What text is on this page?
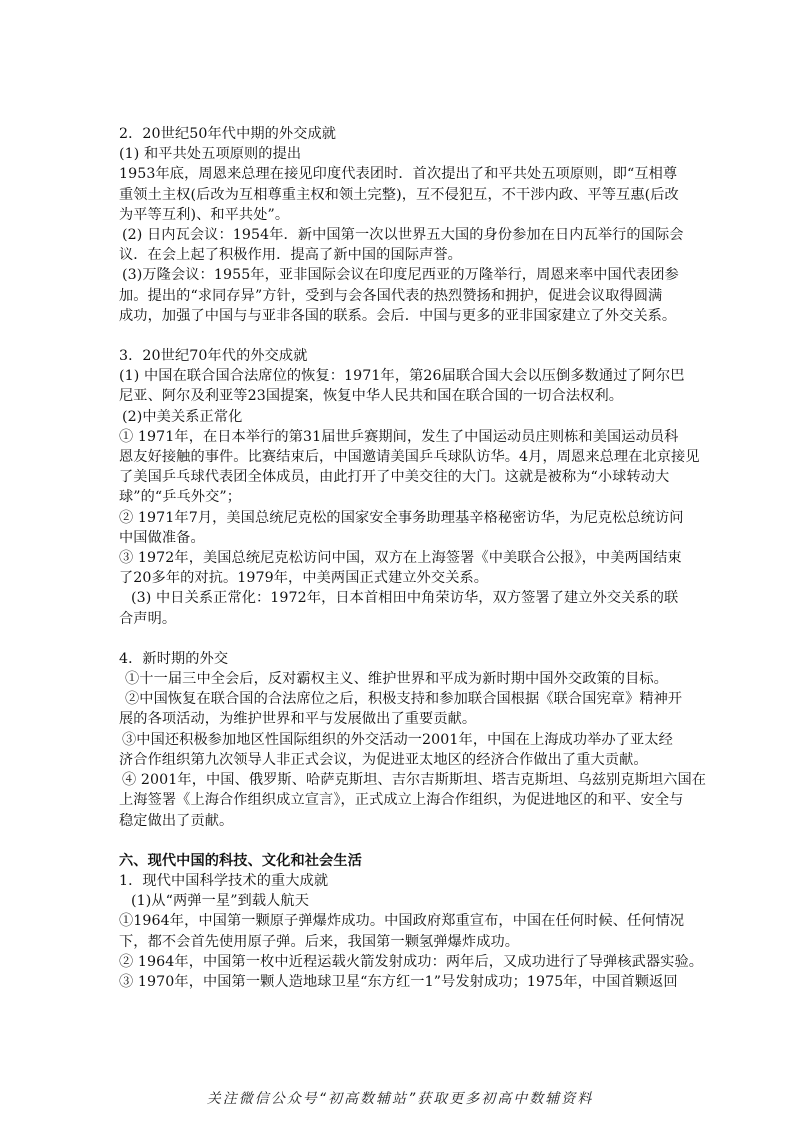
2．20世纪50年代中期的外交成就

(1) 和平共处五项原则的提出

1953年底，周恩来总理在接见印度代表团时．首次提出了和平共处五项原则，即“互相尊

重领土主权(后改为互相尊重主权和领土完整)，互不侵犯互，不干涉内政、平等互惠(后改

为平等互利)、和平共处”。

(2) 日内瓦会议：1954年．新中国第一次以世界五大国的身份参加在日内瓦举行的国际会

议．在会上起了积极作用．提高了新中国的国际声誉。

(3)万隆会议：1955年，亚非国际会议在印度尼西亚的万隆举行，周恩来率中国代表团参

加。提出的“求同存异”方针，受到与会各国代表的热烈赞扬和拥护，促进会议取得圆满

成功，加强了中国与与亚非各国的联系。会后．中国与更多的亚非国家建立了外交关系。

3．20世纪70年代的外交成就

(1) 中国在联合国合法席位的恢复：1971年，第26届联合国大会以压倒多数通过了阿尔巴

尼亚、阿尔及利亚等23国提案，恢复中华人民共和国在联合国的一切合法权利。

(2)中美关系正常化

① 1971年，在日本举行的第31届世乒赛期间，发生了中国运动员庄则栋和美国运动员科

恩友好接触的事件。比赛结束后，中国邀请美国乒乓球队访华。4月，周恩来总理在北京接见

了美国乒乓球代表团全体成员，由此打开了中美交往的大门。这就是被称为“小球转动大

球”的“乒乓外交”；

② 1971年7月，美国总统尼克松的国家安全事务助理基辛格秘密访华，为尼克松总统访问

中国做准备。

③ 1972年，美国总统尼克松访问中国，双方在上海签署《中美联合公报》，中美两国结束

了20多年的对抗。1979年，中美两国正式建立外交关系。

(3) 中日关系正常化：1972年，日本首相田中角荣访华，双方签署了建立外交关系的联

合声明。

4．新时期的外交

①十一届三中全会后，反对霸权主义、维护世界和平成为新时期中国外交政策的目标。

②中国恢复在联合国的合法席位之后，积极支持和参加联合国根据《联合国宪章》精神开

展的各项活动，为维护世界和平与发展做出了重要贡献。

③中国还积极参加地区性国际组织的外交活动一2001年，中国在上海成功举办了亚太经

济合作组织第九次领导人非正式会议，为促进亚太地区的经济合作做出了重大贡献。

④ 2001年，中国、俄罗斯、哈萨克斯坦、吉尔吉斯斯坦、塔吉克斯坦、乌兹别克斯坦六国在

上海签署《上海合作组织成立宣言》，正式成立上海合作组织，为促进地区的和平、安全与

稳定做出了贡献。

六、现代中国的科技、文化和社会生活

1．现代中国科学技术的重大成就

(1)从“两弹一星”到载人航天

①1964年，中国第一颗原子弹爆炸成功。中国政府郑重宣布，中国在任何时候、任何情况

下，都不会首先使用原子弹。后来，我国第一颗氢弹爆炸成功。

② 1964年，中国第一枚中近程运载火箭发射成功：两年后，又成功进行了导弹核武器实验。

③ 1970年，中国第一颗人造地球卫星“东方红一1”号发射成功；1975年，中国首颗返回

关注微信公众号“初高数辅站”获取更多初高中数辅资料
